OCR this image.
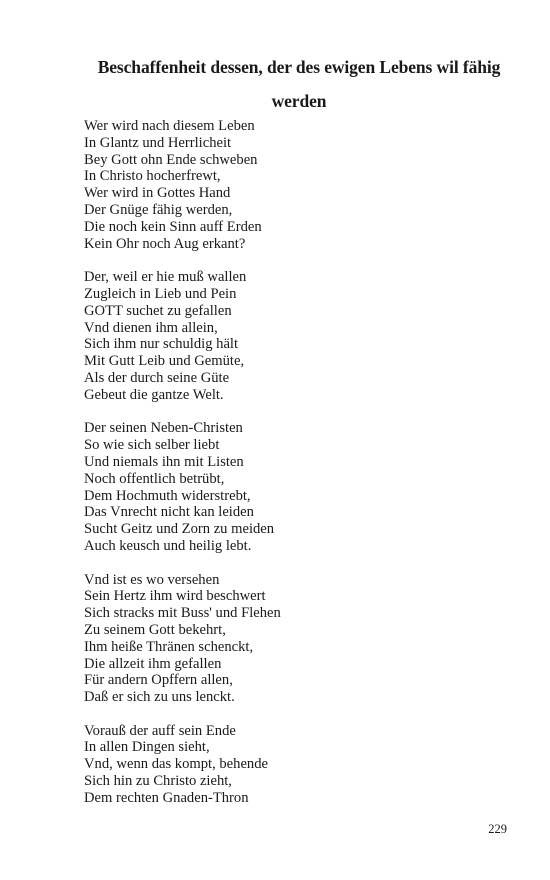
Beschaffenheit dessen, der des ewigen Lebens wil fähig
werden
Wer wird nach diesem Leben
In Glantz und Herrlicheit
Bey Gott ohn Ende schweben
In Christo hocherfrewt,
Wer wird in Gottes Hand
Der Gnüge fähig werden,
Die noch kein Sinn auff Erden
Kein Ohr noch Aug erkant?
Der, weil er hie muß wallen
Zugleich in Lieb und Pein
GOTT suchet zu gefallen
Vnd dienen ihm allein,
Sich ihm nur schuldig hält
Mit Gutt Leib und Gemüte,
Als der durch seine Güte
Gebeut die gantze Welt.
Der seinen Neben-Christen
So wie sich selber liebt
Und niemals ihn mit Listen
Noch offentlich betrübt,
Dem Hochmuth widerstrebt,
Das Vnrecht nicht kan leiden
Sucht Geitz und Zorn zu meiden
Auch keusch und heilig lebt.
Vnd ist es wo versehen
Sein Hertz ihm wird beschwert
Sich stracks mit Buss' und Flehen
Zu seinem Gott bekehrt,
Ihm heiße Thränen schenckt,
Die allzeit ihm gefallen
Für andern Opffern allen,
Daß er sich zu uns lenckt.
Vorauß der auff sein Ende
In allen Dingen sieht,
Vnd, wenn das kompt, behende
Sich hin zu Christo zieht,
Dem rechten Gnaden-Thron
229
